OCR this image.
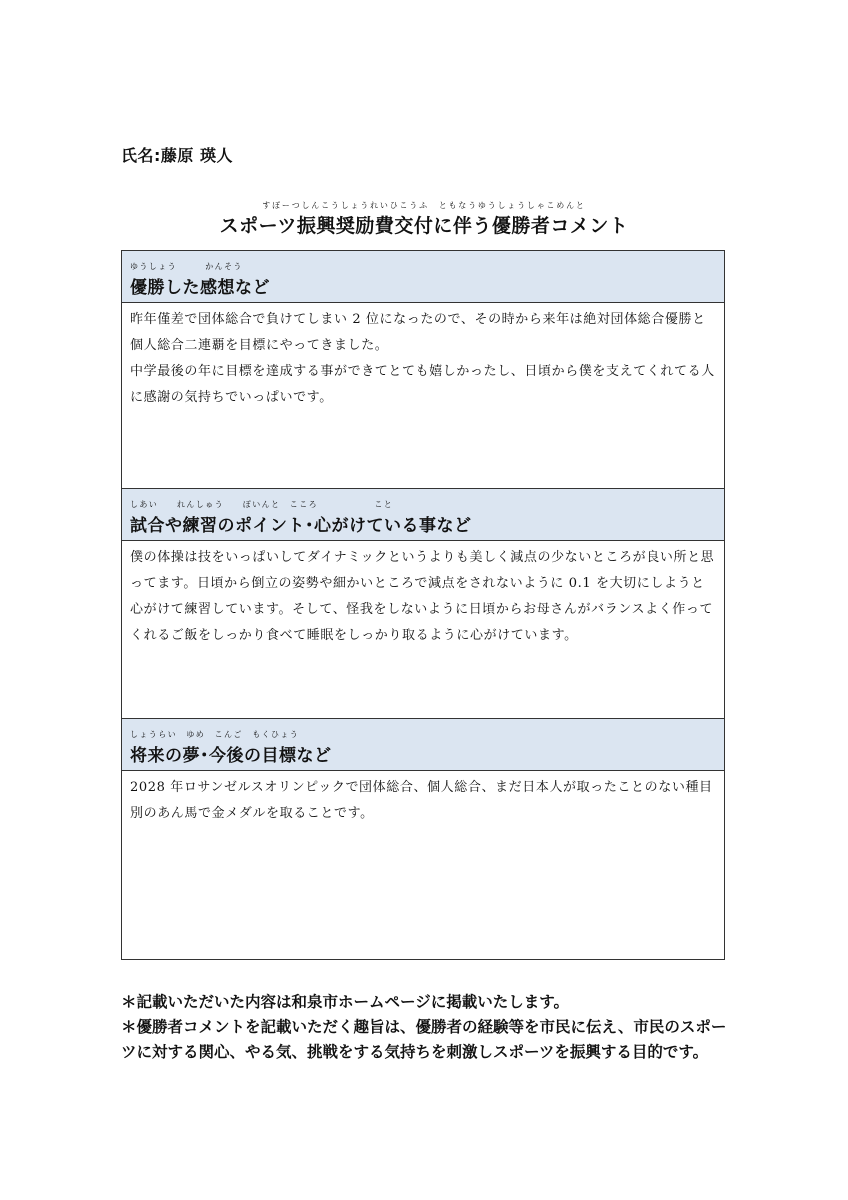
氏名:藤原 瑛人
すぽーつしんこうしょうれいひこうふ　ともなうゆうしょうしゃこめんと
スポーツ振興奨励費交付に伴う優勝者コメント
ゆうしょう　　　かんそう
優勝した感想など

昨年僅差で団体総合で負けてしまい 2 位になったので、その時から来年は絶対団体総合優勝と個人総合二連覇を目標にやってきました。

中学最後の年に目標を達成する事ができてとても嬉しかったし、日頃から僕を支えてくれてる人に感謝の気持ちでいっぱいです。

しあい　　れんしゅう　　ぽいんと　こころ　　　　　　こと
試合や練習のポイント･心がけている事など

僕の体操は技をいっぱいしてダイナミックというよりも美しく減点の少ないところが良い所と思ってます。日頃から倒立の姿勢や細かいところで減点をされないように 0.1 を大切にしようと心がけて練習しています。そして、怪我をしないように日頃からお母さんがバランスよく作ってくれるご飯をしっかり食べて睡眠をしっかり取るように心がけています。

しょうらい　ゆめ　こんご　もくひょう
将来の夢･今後の目標など

2028 年ロサンゼルスオリンピックで団体総合、個人総合、まだ日本人が取ったことのない種目別のあん馬で金メダルを取ることです。

＊記載いただいた内容は和泉市ホームページに掲載いたします。

＊優勝者コメントを記載いただく趣旨は、優勝者の経験等を市民に伝え、市民のスポーツに対する関心、やる気、挑戦をする気持ちを刺激しスポーツを振興する目的です。
